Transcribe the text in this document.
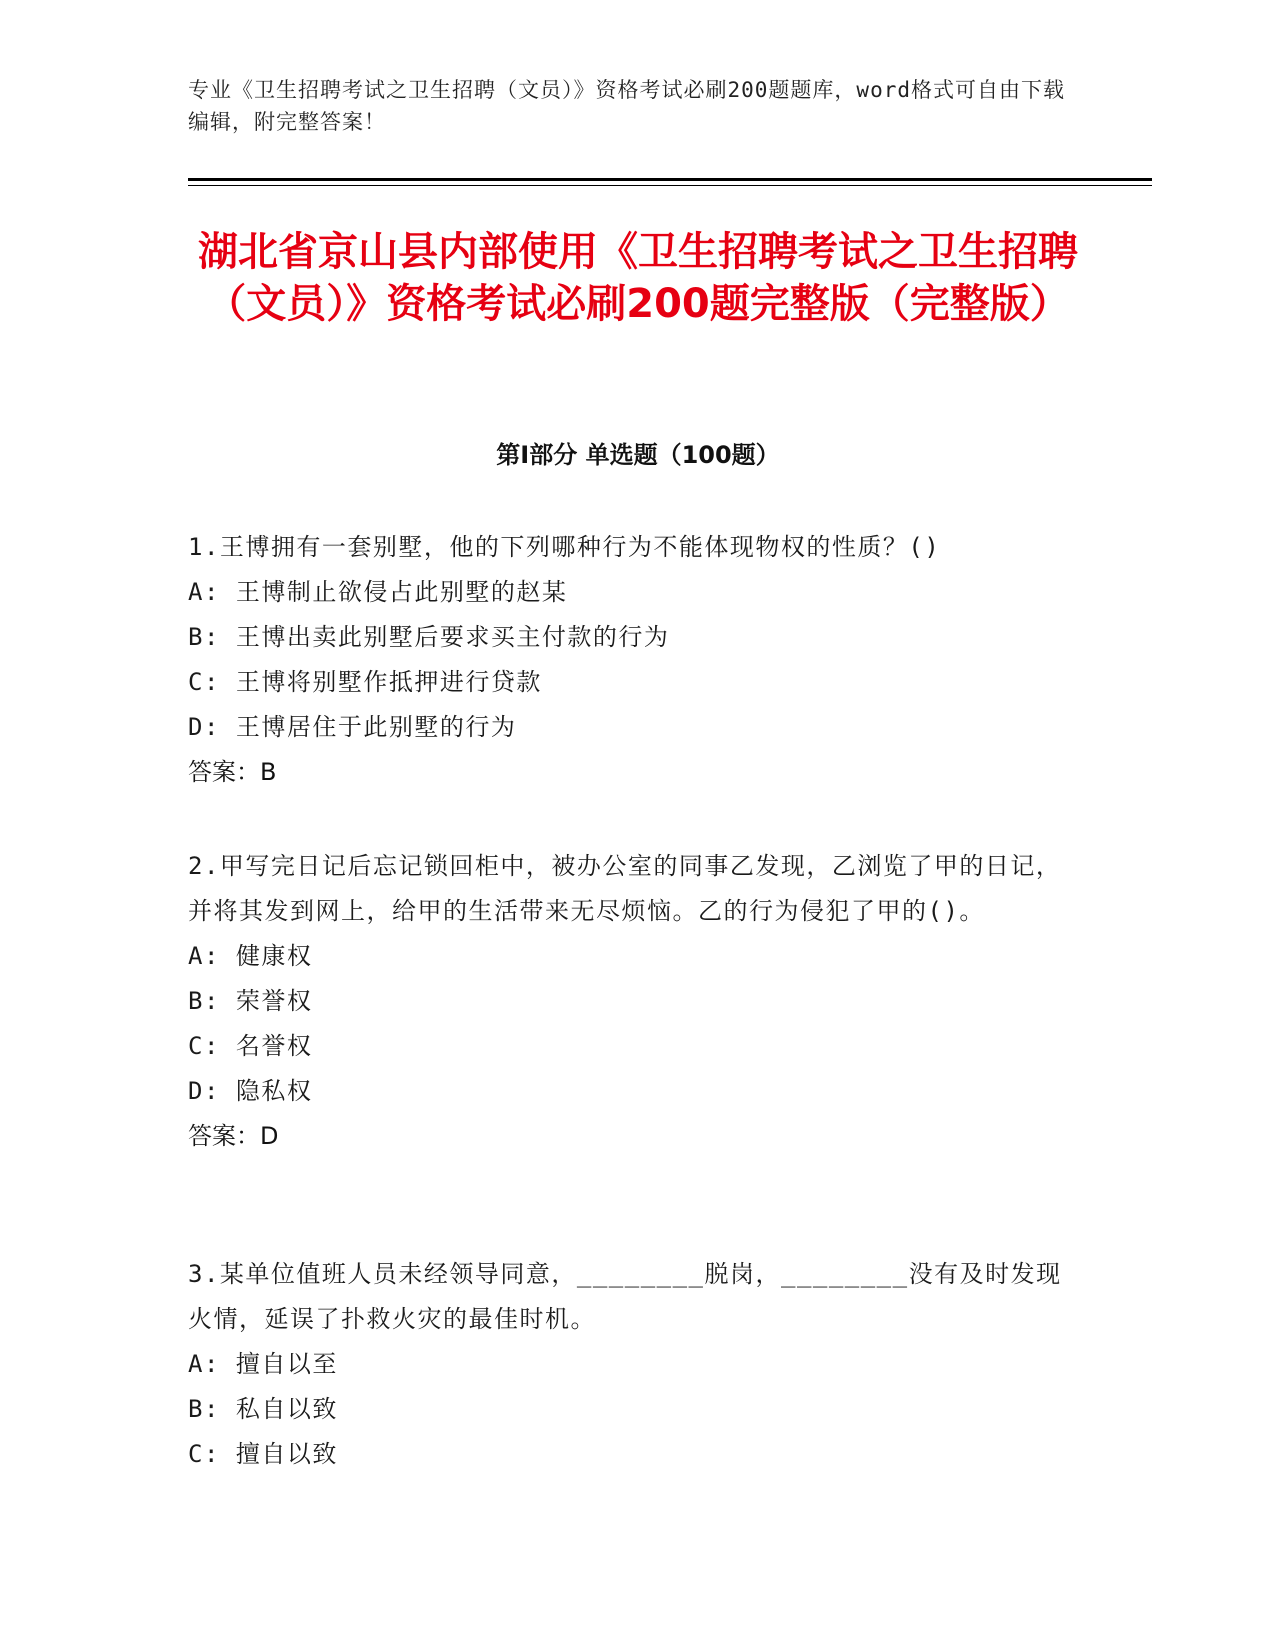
专业《卫生招聘考试之卫生招聘（文员）》资格考试必刷200题题库，word格式可自由下载编辑，附完整答案！
湖北省京山县内部使用《卫生招聘考试之卫生招聘（文员）》资格考试必刷200题完整版（完整版）
第Ⅰ部分 单选题（100题）

1.王博拥有一套别墅，他的下列哪种行为不能体现物权的性质？()

A: 王博制止欲侵占此别墅的赵某

B: 王博出卖此别墅后要求买主付款的行为

C: 王博将别墅作抵押进行贷款

D: 王博居住于此别墅的行为

答案：B

2.甲写完日记后忘记锁回柜中，被办公室的同事乙发现，乙浏览了甲的日记，并将其发到网上，给甲的生活带来无尽烦恼。乙的行为侵犯了甲的()。

A: 健康权

B: 荣誉权

C: 名誉权

D: 隐私权

答案：D

3.某单位值班人员未经领导同意，________脱岗，________没有及时发现火情，延误了扑救火灾的最佳时机。

A: 擅自以至

B: 私自以致

C: 擅自以致
